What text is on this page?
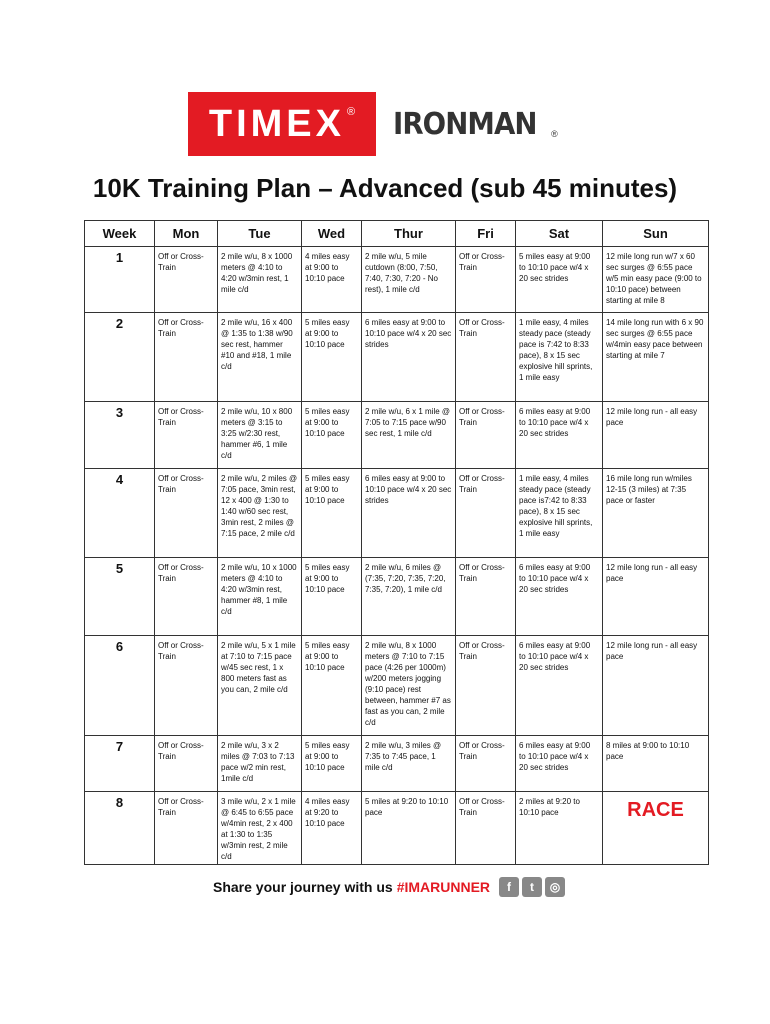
TIMEX ® IRONMAN ®
10K Training Plan – Advanced (sub 45 minutes)
Week	Mon	Tue	Wed	Thur	Fri	Sat	Sun
1	Off or Cross-Train	2 mile w/u, 8 x 1000 meters @ 4:10 to 4:20 w/3min rest, 1 mile c/d	4 miles easy at 9:00 to 10:10 pace	2 mile w/u, 5 mile cutdown (8:00, 7:50, 7:40, 7:30, 7:20 - No rest), 1 mile c/d	Off or Cross-Train	5 miles easy at 9:00 to 10:10 pace w/4 x 20 sec strides	12 mile long run w/7 x 60 sec surges @ 6:55 pace w/5 min easy pace (9:00 to 10:10 pace) between starting at mile 8
2	Off or Cross-Train	2 mile w/u, 16 x 400 @ 1:35 to 1:38 w/90 sec rest, hammer #10 and #18, 1 mile c/d	5 miles easy at 9:00 to 10:10 pace	6 miles easy at 9:00 to 10:10 pace w/4 x 20 sec strides	Off or Cross-Train	1 mile easy, 4 miles steady pace (steady pace is 7:42 to 8:33 pace), 8 x 15 sec explosive hill sprints, 1 mile easy	14 mile long run with 6 x 90 sec surges @ 6:55 pace w/4min easy pace between starting at mile 7
3	Off or Cross-Train	2 mile w/u, 10 x 800 meters @ 3:15 to 3:25 w/2:30 rest, hammer #6, 1 mile c/d	5 miles easy at 9:00 to 10:10 pace	2 mile w/u, 6 x 1 mile @ 7:05 to 7:15 pace w/90 sec rest, 1 mile c/d	Off or Cross-Train	6 miles easy at 9:00 to 10:10 pace w/4 x 20 sec strides	12 mile long run - all easy pace
4	Off or Cross-Train	2 mile w/u, 2 miles @ 7:05 pace, 3min rest, 12 x 400 @ 1:30 to 1:40 w/60 sec rest, 3min rest, 2 miles @ 7:15 pace, 2 mile c/d	5 miles easy at 9:00 to 10:10 pace	6 miles easy at 9:00 to 10:10 pace w/4 x 20 sec strides	Off or Cross-Train	1 mile easy, 4 miles steady pace (steady pace is7:42 to 8:33 pace), 8 x 15 sec explosive hill sprints, 1 mile easy	16 mile long run w/miles 12-15 (3 miles) at 7:35 pace or faster
5	Off or Cross-Train	2 mile w/u, 10 x 1000 meters @ 4:10 to 4:20 w/3min rest, hammer #8, 1 mile c/d	5 miles easy at 9:00 to 10:10 pace	2 mile w/u, 6 miles @ (7:35, 7:20, 7:35, 7:20, 7:35, 7:20), 1 mile c/d	Off or Cross-Train	6 miles easy at 9:00 to 10:10 pace w/4 x 20 sec strides	12 mile long run - all easy pace
6	Off or Cross-Train	2 mile w/u, 5 x 1 mile at 7:10 to 7:15 pace w/45 sec rest, 1 x 800 meters fast as you can, 2 mile c/d	5 miles easy at 9:00 to 10:10 pace	2 mile w/u, 8 x 1000 meters @ 7:10 to 7:15 pace (4:26 per 1000m) w/200 meters jogging (9:10 pace) rest between, hammer #7 as fast as you can, 2 mile c/d	Off or Cross-Train	6 miles easy at 9:00 to 10:10 pace w/4 x 20 sec strides	12 mile long run - all easy pace
7	Off or Cross-Train	2 mile w/u, 3 x 2 miles @ 7:03 to 7:13 pace w/2 min rest, 1mile c/d	5 miles easy at 9:00 to 10:10 pace	2 mile w/u, 3 miles @ 7:35 to 7:45 pace, 1 mile c/d	Off or Cross-Train	6 miles easy at 9:00 to 10:10 pace w/4 x 20 sec strides	8 miles at 9:00 to 10:10 pace
8	Off or Cross-Train	3 mile w/u, 2 x 1 mile @ 6:45 to 6:55 pace w/4min rest, 2 x 400 at 1:30 to 1:35 w/3min rest, 2 mile c/d	4 miles easy at 9:20 to 10:10 pace	5 miles at 9:20 to 10:10 pace	Off or Cross-Train	2 miles at 9:20 to 10:10 pace	RACE
Share your journey with us #IMARUNNER	f	t	◎
